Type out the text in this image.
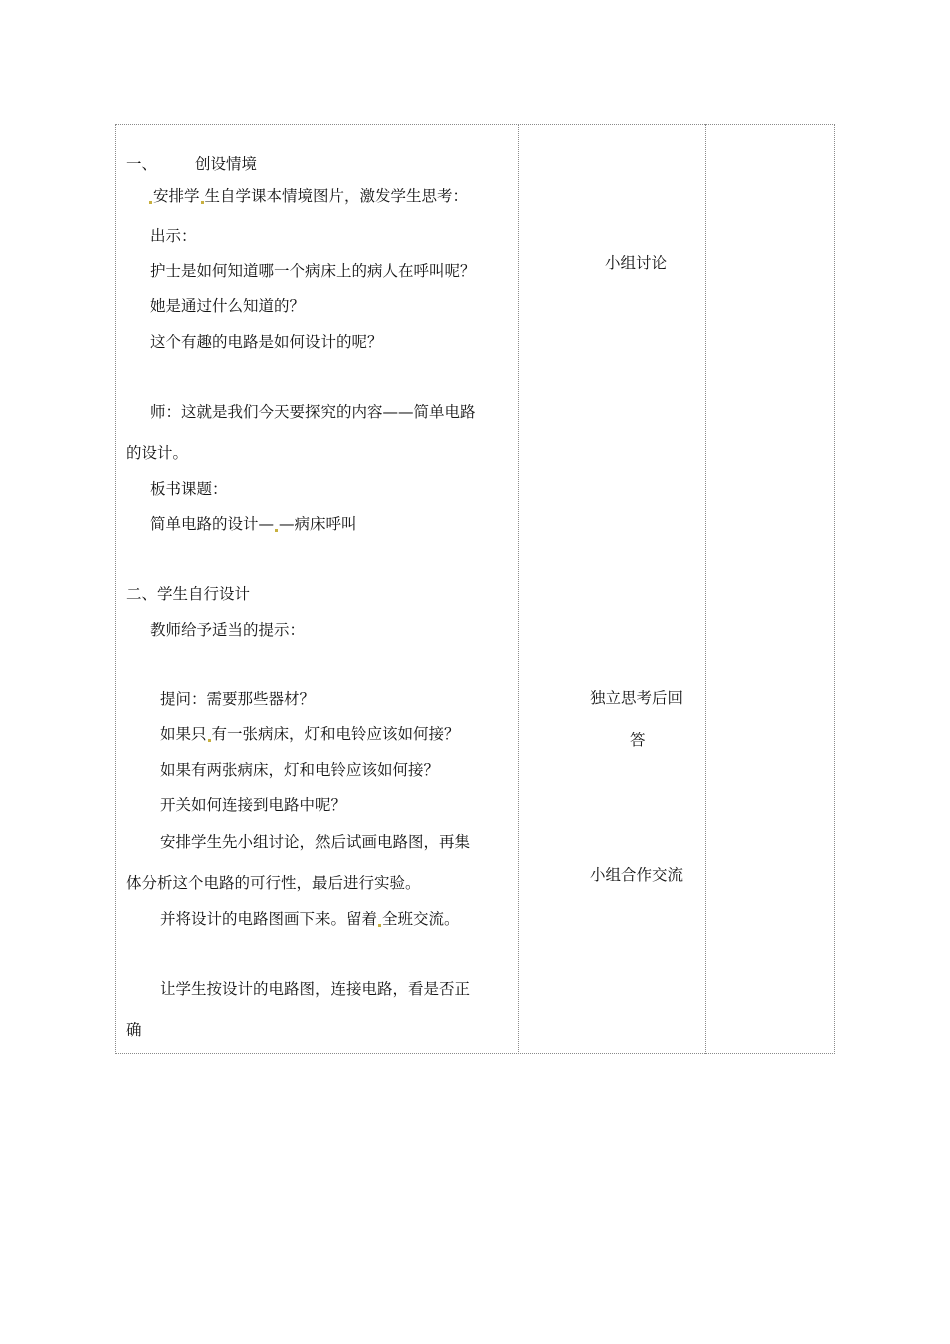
一、 创设情境
安排学 生自学课本情境图片，激发学生思考：
出示：
护士是如何知道哪一个病床上的病人在呼叫呢？
她是通过什么知道的？
这个有趣的电路是如何设计的呢？
师：这就是我们今天要探究的内容——简单电路
的设计。
板书课题：
简单电路的设计— —病床呼叫
二、学生自行设计
教师给予适当的提示：
提问：需要那些器材？
如果只 有一张病床，灯和电铃应该如何接？
如果有两张病床，灯和电铃应该如何接？
开关如何连接到电路中呢？
安排学生先小组讨论，然后试画电路图，再集
体分析这个电路的可行性，最后进行实验。
并将设计的电路图画下来。留着 全班交流。
让学生按设计的电路图，连接电路，看是否正
确
小组讨论
独立思考后回
答
小组合作交流
